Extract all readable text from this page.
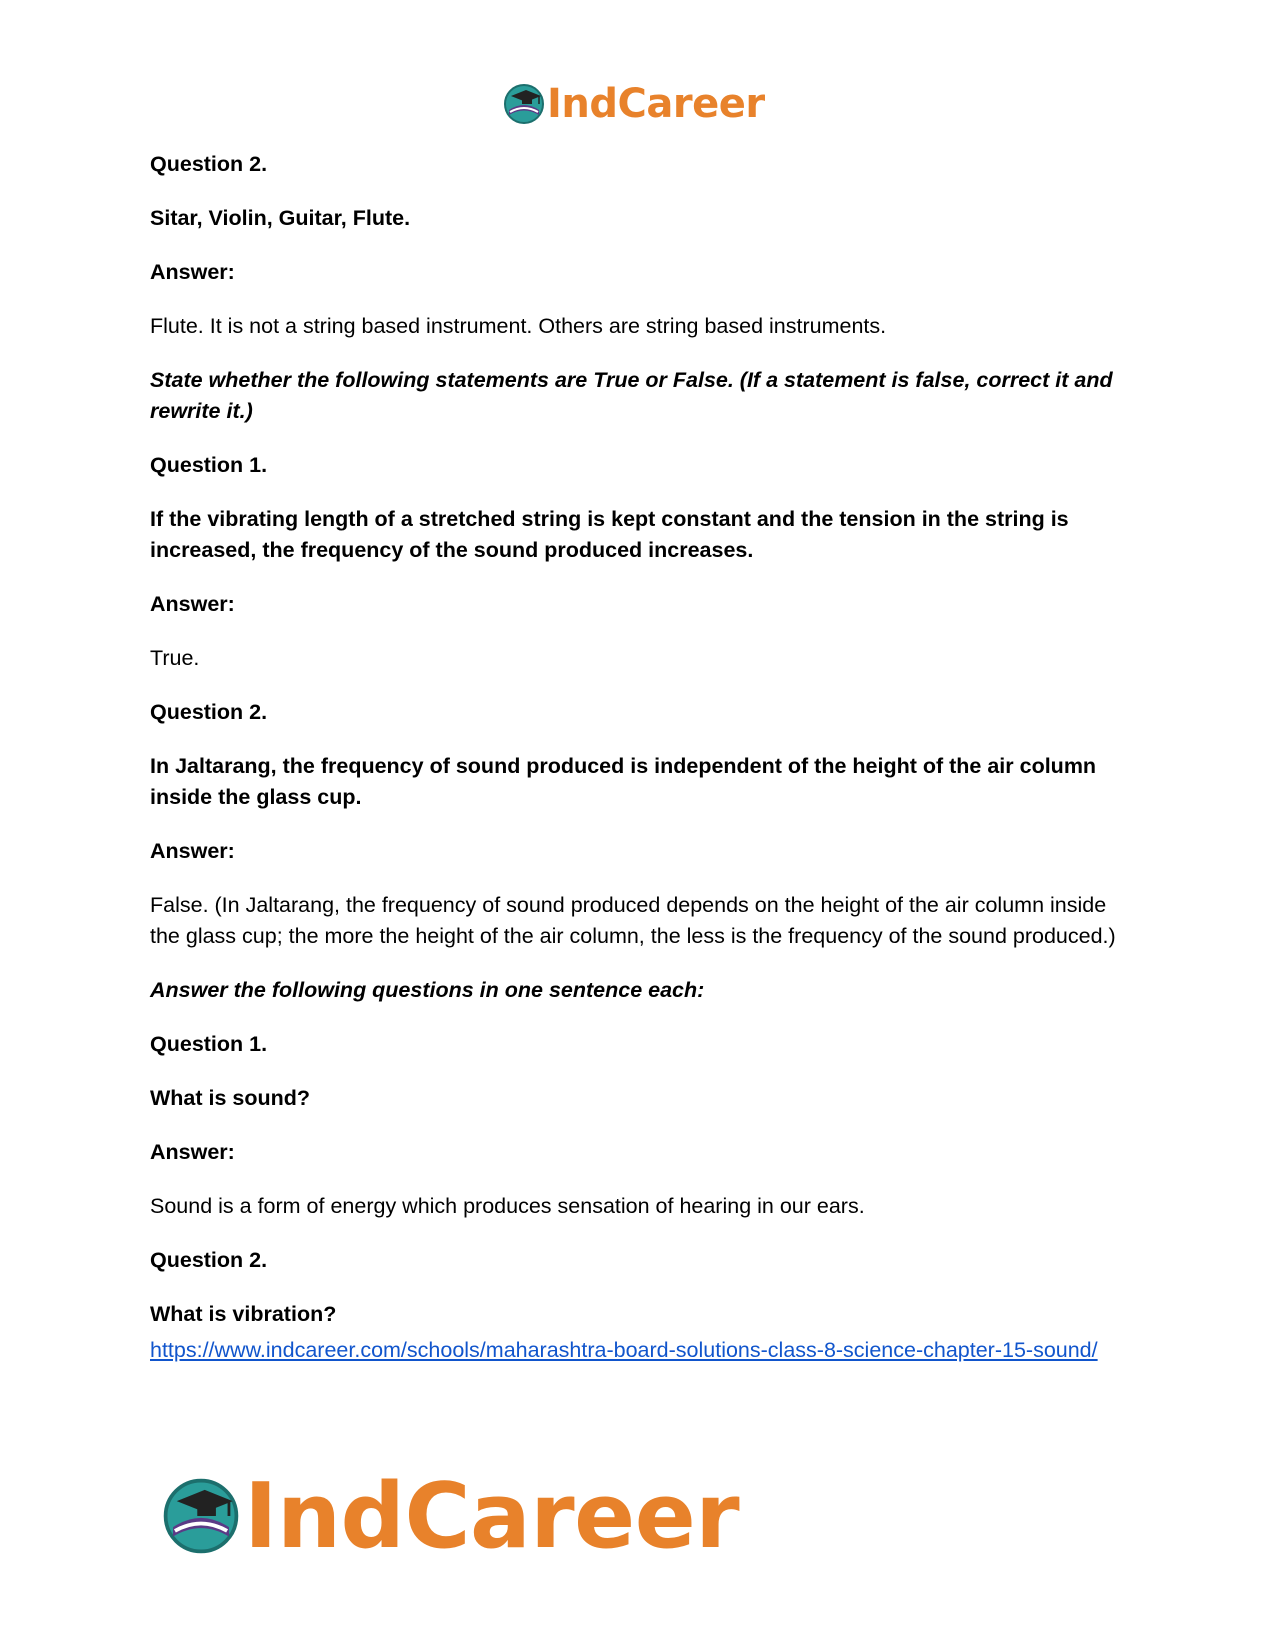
IndCareer

Question 2.

Sitar, Violin, Guitar, Flute.

Answer:

Flute. It is not a string based instrument. Others are string based instruments.

State whether the following statements are True or False. (If a statement is false, correct it and rewrite it.)

Question 1.

If the vibrating length of a stretched string is kept constant and the tension in the string is increased, the frequency of the sound produced increases.

Answer:

True.

Question 2.

In Jaltarang, the frequency of sound produced is independent of the height of the air column inside the glass cup.

Answer:

False. (In Jaltarang, the frequency of sound produced depends on the height of the air column inside the glass cup; the more the height of the air column, the less is the frequency of the sound produced.)

Answer the following questions in one sentence each:

Question 1.

What is sound?

Answer:

Sound is a form of energy which produces sensation of hearing in our ears.

Question 2.

What is vibration?

https://www.indcareer.com/schools/maharashtra-board-solutions-class-8-science-chapter-15-sound/
IndCareer
